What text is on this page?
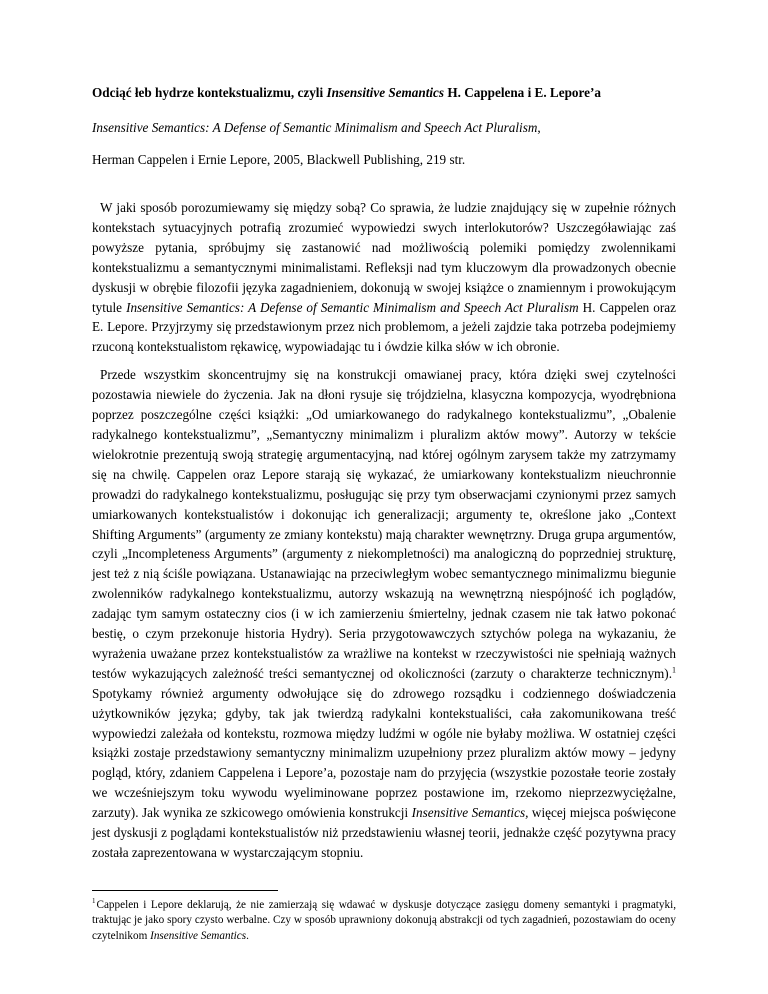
Odciąć łeb hydrze kontekstualizmu, czyli Insensitive Semantics H. Cappelena i E. Lepore’a
Insensitive Semantics: A Defense of Semantic Minimalism and Speech Act Pluralism,
Herman Cappelen i Ernie Lepore, 2005, Blackwell Publishing, 219 str.

W jaki sposób porozumiewamy się między sobą? Co sprawia, że ludzie znajdujący się w zupełnie różnych kontekstach sytuacyjnych potrafią zrozumieć wypowiedzi swych interlokutorów? Uszczegóławiając zaś powyższe pytania, spróbujmy się zastanowić nad możliwością polemiki pomiędzy zwolennikami kontekstualizmu a semantycznymi minimalistami. Refleksji nad tym kluczowym dla prowadzonych obecnie dyskusji w obrębie filozofii języka zagadnieniem, dokonują w swojej książce o znamiennym i prowokującym tytule Insensitive Semantics: A Defense of Semantic Minimalism and Speech Act Pluralism H. Cappelen oraz E. Lepore. Przyjrzymy się przedstawionym przez nich problemom, a jeżeli zajdzie taka potrzeba podejmiemy rzuconą kontekstualistom rękawicę, wypowiadając tu i ówdzie kilka słów w ich obronie.

Przede wszystkim skoncentrujmy się na konstrukcji omawianej pracy, która dzięki swej czytelności pozostawia niewiele do życzenia. Jak na dłoni rysuje się trójdzielna, klasyczna kompozycja, wyodrębniona poprzez poszczególne części książki: „Od umiarkowanego do radykalnego kontekstualizmu”, „Obalenie radykalnego kontekstualizmu”, „Semantyczny minimalizm i pluralizm aktów mowy”. Autorzy w tekście wielokrotnie prezentują swoją strategię argumentacyjną, nad której ogólnym zarysem także my zatrzymamy się na chwilę. Cappelen oraz Lepore starają się wykazać, że umiarkowany kontekstualizm nieuchronnie prowadzi do radykalnego kontekstualizmu, posługując się przy tym obserwacjami czynionymi przez samych umiarkowanych kontekstualistów i dokonując ich generalizacji; argumenty te, określone jako „Context Shifting Arguments” (argumenty ze zmiany kontekstu) mają charakter wewnętrzny. Druga grupa argumentów, czyli „Incompleteness Arguments” (argumenty z niekompletności) ma analogiczną do poprzedniej strukturę, jest też z nią ściśle powiązana. Ustanawiając na przeciwległym wobec semantycznego minimalizmu biegunie zwolenników radykalnego kontekstualizmu, autorzy wskazują na wewnętrzną niespójność ich poglądów, zadając tym samym ostateczny cios (i w ich zamierzeniu śmiertelny, jednak czasem nie tak łatwo pokonać bestię, o czym przekonuje historia Hydry). Seria przygotowawczych sztychów polega na wykazaniu, że wyrażenia uważane przez kontekstualistów za wrażliwe na kontekst w rzeczywistości nie spełniają ważnych testów wykazujących zależność treści semantycznej od okoliczności (zarzuty o charakterze technicznym).$^1$ Spotykamy również argumenty odwołujące się do zdrowego rozsądku i codziennego doświadczenia użytkowników języka; gdyby, tak jak twierdzą radykalni kontekstualiści, cała zakomunikowana treść wypowiedzi zależała od kontekstu, rozmowa między ludźmi w ogóle nie byłaby możliwa. W ostatniej części książki zostaje przedstawiony semantyczny minimalizm uzupełniony przez pluralizm aktów mowy – jedyny pogląd, który, zdaniem Cappelena i Lepore’a, pozostaje nam do przyjęcia (wszystkie pozostałe teorie zostały we wcześniejszym toku wywodu wyeliminowane poprzez postawione im, rzekomo nieprzezwyciężalne, zarzuty). Jak wynika ze szkicowego omówienia konstrukcji Insensitive Semantics, więcej miejsca poświęcone jest dyskusji z poglądami kontekstualistów niż przedstawieniu własnej teorii, jednakże część pozytywna pracy została zaprezentowana w wystarczającym stopniu.

$^1$Cappelen i Lepore deklarują, że nie zamierzają się wdawać w dyskusje dotyczące zasięgu domeny semantyki i pragmatyki, traktując je jako spory czysto werbalne. Czy w sposób uprawniony dokonują abstrakcji od tych zagadnień, pozostawiam do oceny czytelnikom Insensitive Semantics.
